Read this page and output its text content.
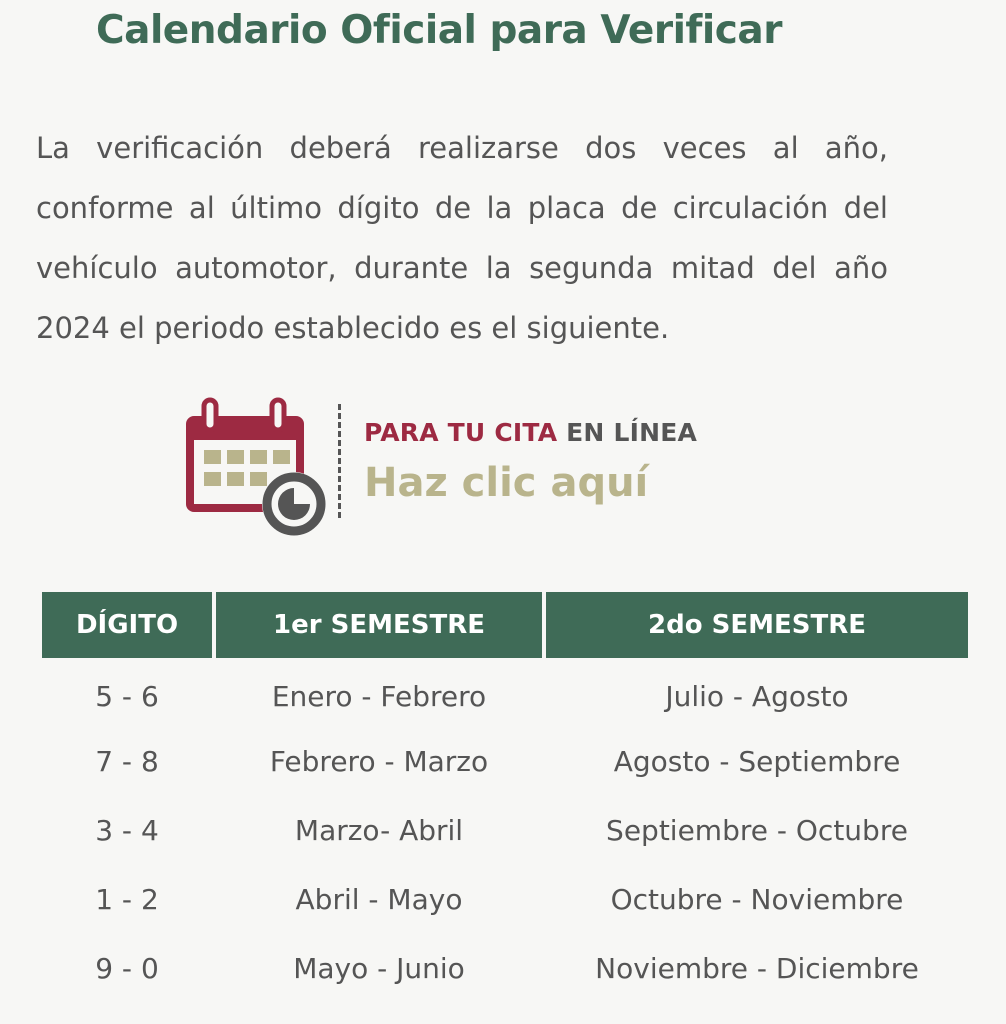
Calendario Oficial para Verificar

La verificación deberá realizarse dos veces al año, conforme al último dígito de la placa de circulación del vehículo automotor, durante la segunda mitad del año 2024 el periodo establecido es el siguiente.

PARA TU CITA EN LÍNEA
Haz clic aquí
DÍGITO	1er SEMESTRE	2do SEMESTRE
5 - 6	Enero - Febrero	Julio - Agosto
7 - 8	Febrero - Marzo	Agosto - Septiembre
3 - 4	Marzo- Abril	Septiembre - Octubre
1 - 2	Abril - Mayo	Octubre - Noviembre
9 - 0	Mayo - Junio	Noviembre - Diciembre
